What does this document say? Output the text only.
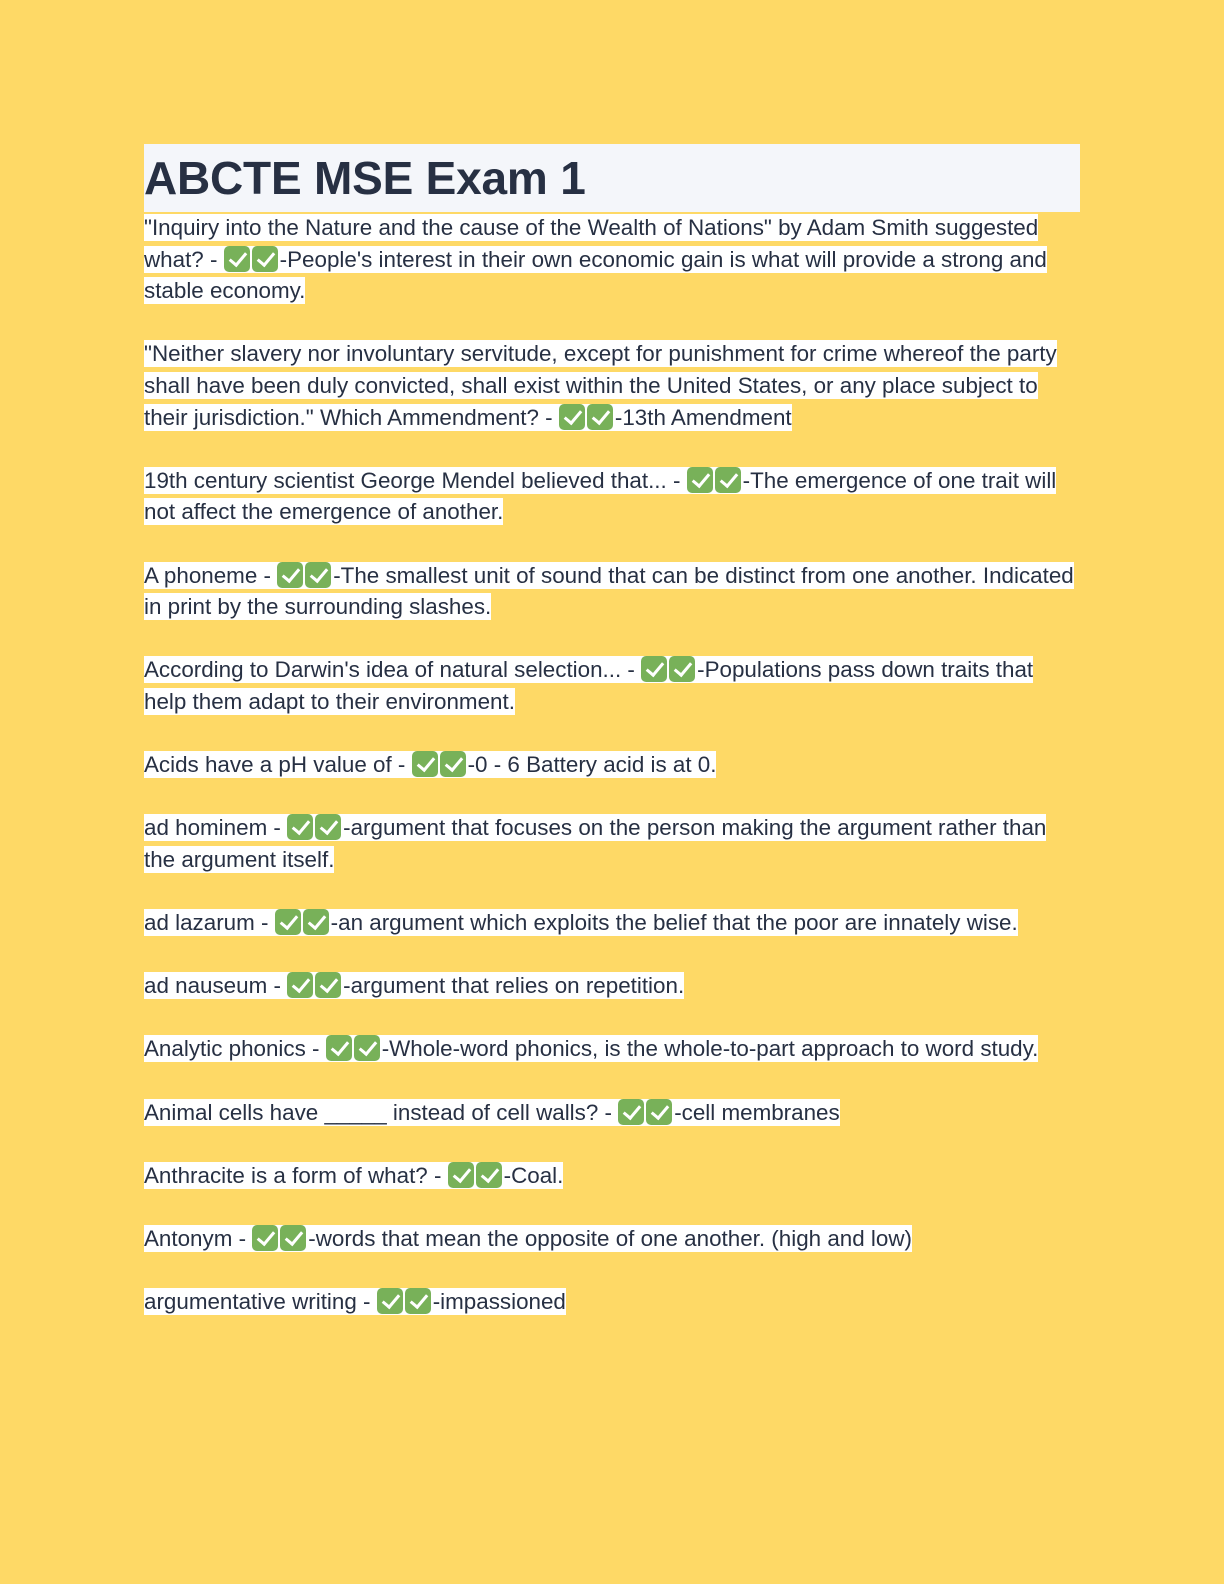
ABCTE MSE Exam 1

"Inquiry into the Nature and the cause of the Wealth of Nations" by Adam Smith suggested what? -	-People's interest in their own economic gain is what will provide a strong and stable economy.

"Neither slavery nor involuntary servitude, except for punishment for crime whereof the party shall have been duly convicted, shall exist within the United States, or any place subject to their jurisdiction." Which Ammendment? -	-13th Amendment

19th century scientist George Mendel believed that... -	-The emergence of one trait will not affect the emergence of another.

A phoneme -	-The smallest unit of sound that can be distinct from one another. Indicated in print by the surrounding slashes.

According to Darwin's idea of natural selection... -	-Populations pass down traits that help them adapt to their environment.

Acids have a pH value of -	-0 - 6 Battery acid is at 0.

ad hominem -	-argument that focuses on the person making the argument rather than the argument itself.

ad lazarum -	-an argument which exploits the belief that the poor are innately wise.

ad nauseum -	-argument that relies on repetition.

Analytic phonics -	-Whole-word phonics, is the whole-to-part approach to word study.

Animal cells have _____ instead of cell walls? -	-cell membranes

Anthracite is a form of what? -	-Coal.

Antonym -	-words that mean the opposite of one another. (high and low)

argumentative writing -	-impassioned
